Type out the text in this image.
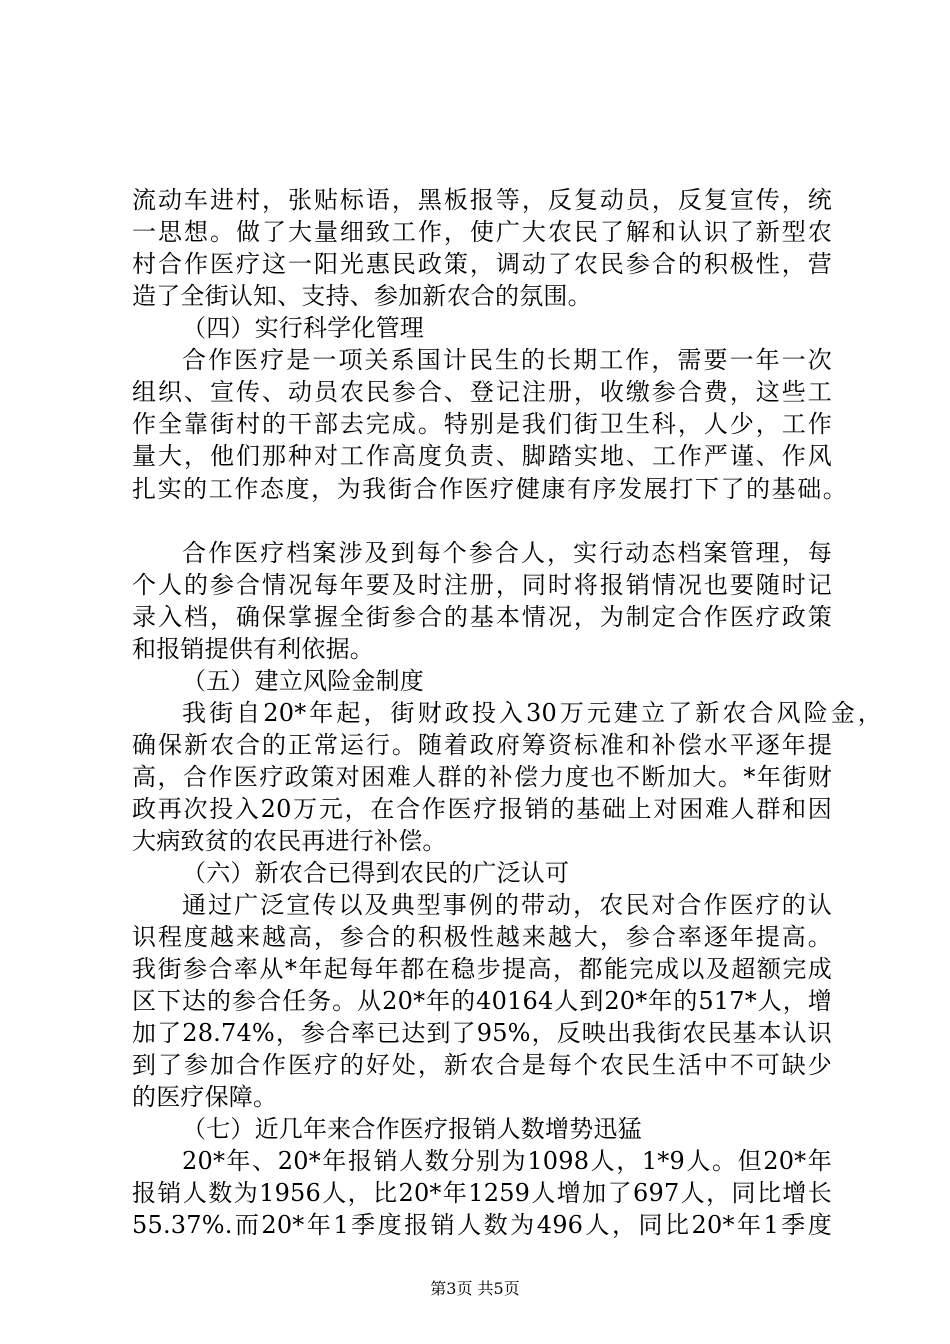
流动车进村，张贴标语，黑板报等，反复动员，反复宣传，统
一思想。做了大量细致工作，使广大农民了解和认识了新型农
村合作医疗这一阳光惠民政策，调动了农民参合的积极性，营
造了全街认知、支持、参加新农合的氛围。
（四）实行科学化管理
合作医疗是一项关系国计民生的长期工作，需要一年一次
组织、宣传、动员农民参合、登记注册，收缴参合费，这些工
作全靠街村的干部去完成。特别是我们街卫生科，人少，工作
量大，他们那种对工作高度负责、脚踏实地、工作严谨、作风
扎实的工作态度，为我街合作医疗健康有序发展打下了的基础。
合作医疗档案涉及到每个参合人，实行动态档案管理，每
个人的参合情况每年要及时注册，同时将报销情况也要随时记
录入档，确保掌握全街参合的基本情况，为制定合作医疗政策
和报销提供有利依据。
（五）建立风险金制度
我街自20*年起，街财政投入30万元建立了新农合风险金，
确保新农合的正常运行。随着政府筹资标准和补偿水平逐年提
高，合作医疗政策对困难人群的补偿力度也不断加大。*年街财
政再次投入20万元，在合作医疗报销的基础上对困难人群和因
大病致贫的农民再进行补偿。
（六）新农合已得到农民的广泛认可
通过广泛宣传以及典型事例的带动，农民对合作医疗的认
识程度越来越高，参合的积极性越来越大，参合率逐年提高。
我街参合率从*年起每年都在稳步提高，都能完成以及超额完成
区下达的参合任务。从20*年的40164人到20*年的517*人，增
加了28.74%，参合率已达到了95%，反映出我街农民基本认识
到了参加合作医疗的好处，新农合是每个农民生活中不可缺少
的医疗保障。
（七）近几年来合作医疗报销人数增势迅猛
20*年、20*年报销人数分别为1098人，1*9人。但20*年
报销人数为1956人，比20*年1259人增加了697人，同比增长
55.37%.而20*年1季度报销人数为496人，同比20*年1季度
第3页 共5页
